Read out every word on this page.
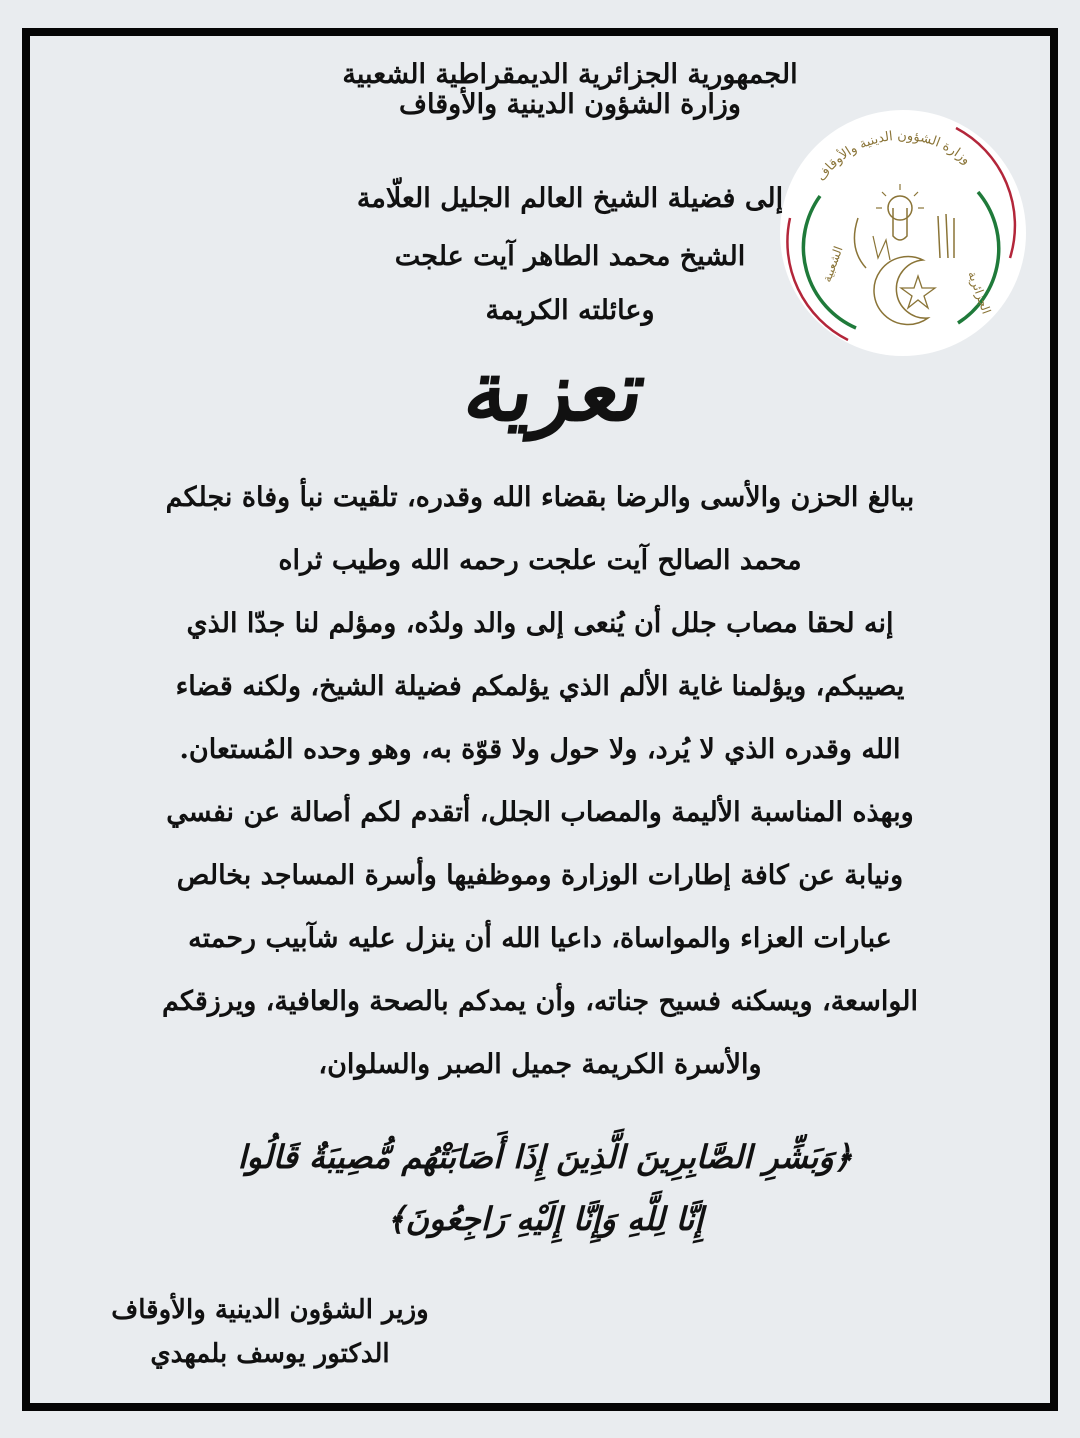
الجمهورية الجزائرية الديمقراطية الشعبية
وزارة الشؤون الدينية والأوقاف
وزارة الشؤون الدينية والأوقاف
الشعبية
الجزائرية
إلى فضيلة الشيخ العالم الجليل العلّامة
الشيخ محمد الطاهر آيت علجت
وعائلته الكريمة
تعزية
ببالغ الحزن والأسى والرضا بقضاء الله وقدره، تلقيت نبأ وفاة نجلكم
محمد الصالح آيت علجت رحمه الله وطيب ثراه
إنه لحقا مصاب جلل أن يُنعى إلى والد ولدُه، ومؤلم لنا جدّا الذي
يصيبكم، ويؤلمنا غاية الألم الذي يؤلمكم فضيلة الشيخ، ولكنه قضاء
الله وقدره الذي لا يُرد، ولا حول ولا قوّة به، وهو وحده المُستعان.
وبهذه المناسبة الأليمة والمصاب الجلل، أتقدم لكم أصالة عن نفسي
ونيابة عن كافة إطارات الوزارة وموظفيها وأسرة المساجد بخالص
عبارات العزاء والمواساة، داعيا الله أن ينزل عليه شآبيب رحمته
الواسعة، ويسكنه فسيح جناته، وأن يمدكم بالصحة والعافية، ويرزقكم
والأسرة الكريمة جميل الصبر والسلوان،
﴿وَبَشِّرِ الصَّابِرِينَ الَّذِينَ إِذَا أَصَابَتْهُم مُّصِيبَةٌ قَالُوا
إِنَّا لِلَّهِ وَإِنَّا إِلَيْهِ رَاجِعُونَ﴾
وزير الشؤون الدينية والأوقاف
الدكتور يوسف بلمهدي
